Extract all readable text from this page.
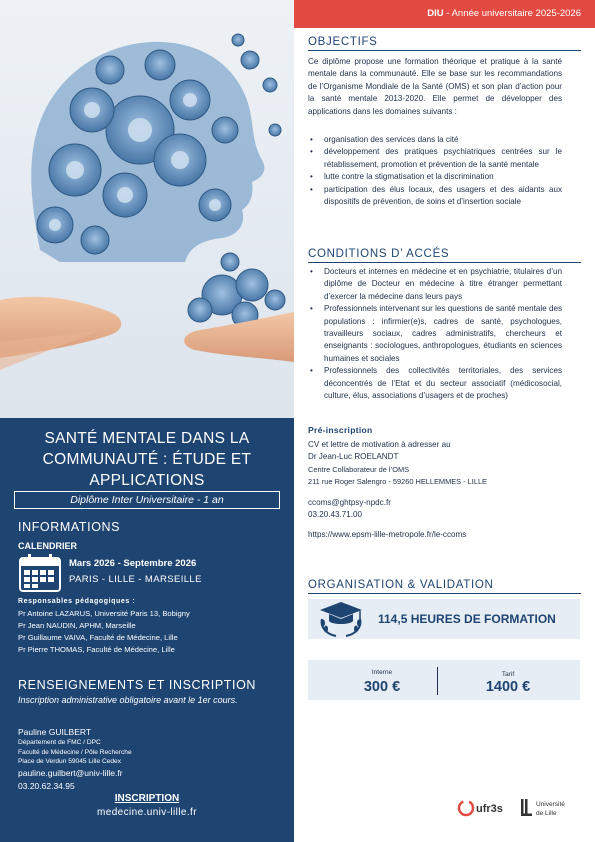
SANTÉ MENTALE DANS LA
COMMUNAUTÉ : ÉTUDE ET
APPLICATIONS
Diplôme Inter Universitaire - 1 an
INFORMATIONS
CALENDRIER
Mars 2026 - Septembre 2026
PARIS - LILLE - MARSEILLE
Responsables pédagogiques :
Pr Antoine LAZARUS, Université Paris 13, Bobigny
Pr Jean NAUDIN, APHM, Marseille
Pr Guillaume VAIVA, Faculté de Médecine, Lille
Pr Pierre THOMAS, Faculté de Médecine, Lille
RENSEIGNEMENTS ET INSCRIPTION
Inscription administrative obligatoire avant le 1er cours.
Pauline GUILBERT
Département de FMC / DPC
Faculté de Médecine / Pôle Recherche
Place de Verdun 59045 Lille Cedex
pauline.guilbert@univ-lille.fr
03.20.62.34.95
INSCRIPTION
medecine.univ-lille.fr
DIU - Année universitaire 2025-2026
OBJECTIFS
Ce diplôme propose une formation théorique et pratique à la santé mentale dans la communauté. Elle se base sur les recommandations de l’Organisme Mondiale de la Santé (OMS) et son plan d’action pour la santé mentale 2013-2020. Elle permet de développer des applications dans les domaines suivants :
• organisation des services dans la cité
• développement des pratiques psychiatriques centrées sur le rétablissement, promotion et prévention de la santé mentale
• lutte contre la stigmatisation et la discrimination
• participation des élus locaux, des usagers et des aidants aux dispositifs de prévention, de soins et d’insertion sociale
CONDITIONS D’ ACCÉS
• Docteurs et internes en médecine et en psychiatrie, titulaires d’un diplôme de Docteur en médecine à titre étranger permettant d’exercer la médecine dans leurs pays
• Professionnels intervenant sur les questions de santé mentale des populations : infirmier(e)s, cadres de santé, psychologues, travailleurs sociaux, cadres administratifs, chercheurs et enseignants : sociologues, anthropologues, étudiants en sciences humaines et sociales
• Professionnels des collectivités territoriales, des services déconcentrés de l’Etat et du secteur associatif (médicosocial, culture, élus, associations d’usagers et de proches)
Pré-inscription
CV et lettre de motivation à adresser au
Dr Jean-Luc ROELANDT
Centre Collaborateur de l’OMS
211 rue Roger Salengro - 59260 HELLEMMES - LILLE
ccoms@ghtpsy-npdc.fr
03.20.43.71.00
https://www.epsm-lille-metropole.fr/le-ccoms
ORGANISATION & VALIDATION
114,5 HEURES DE FORMATION
Interne
300 €
Tarif
1400 €
ufr3s	Université
de Lille
